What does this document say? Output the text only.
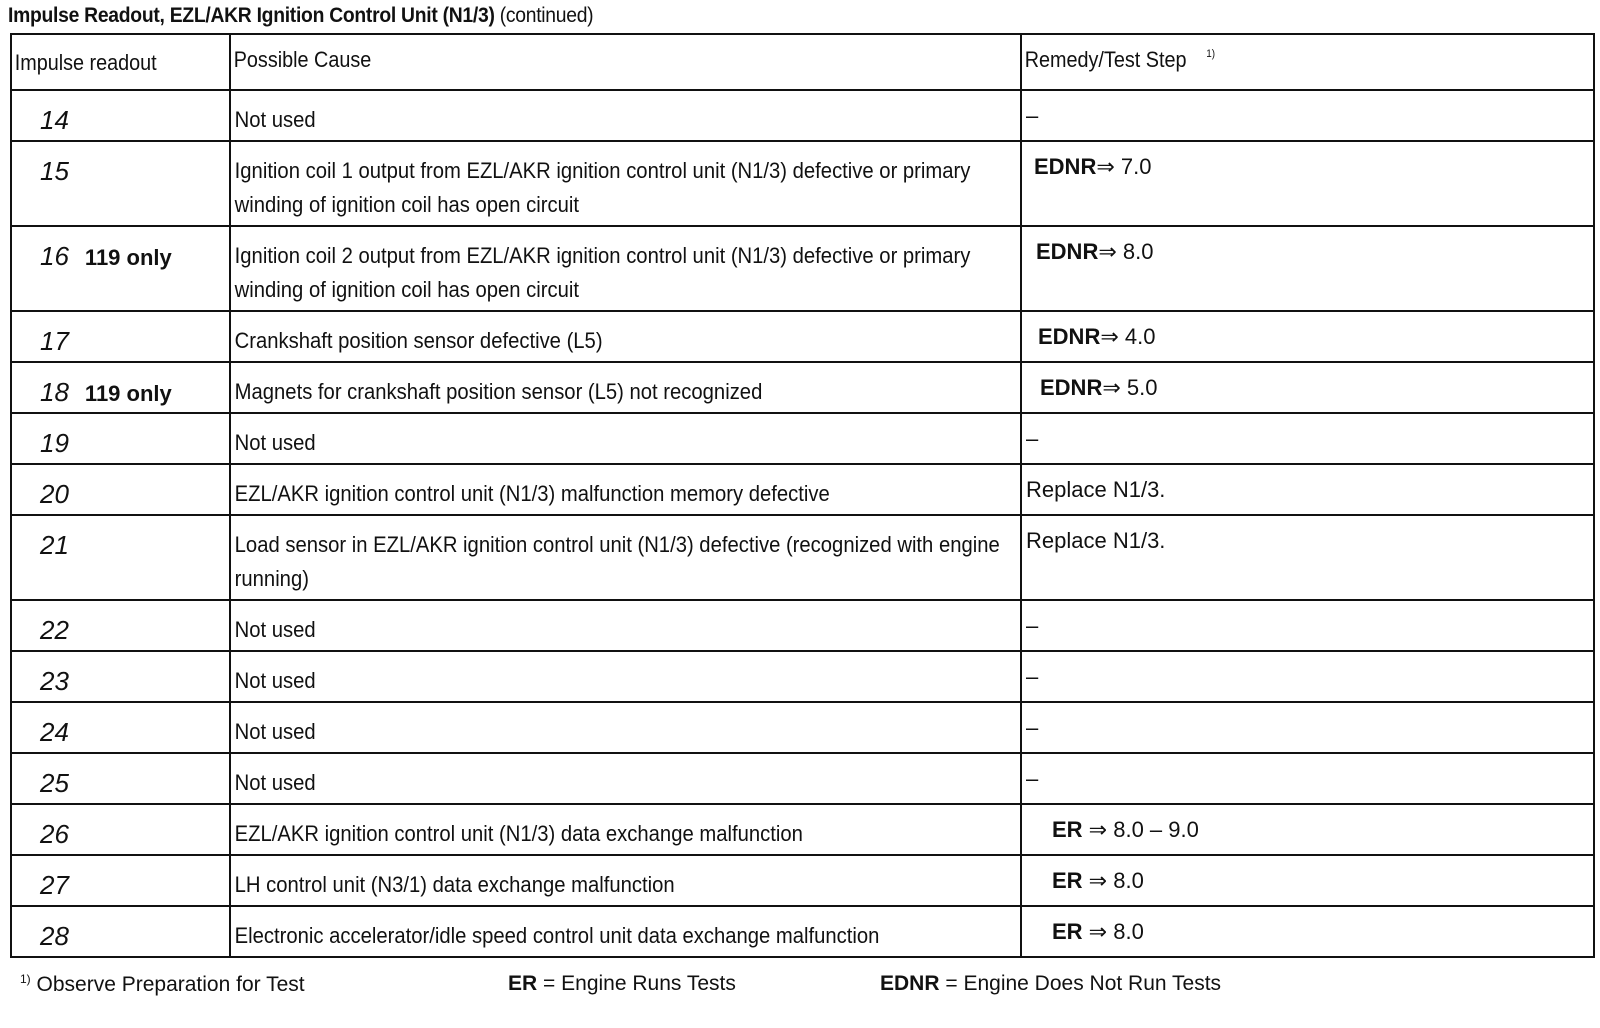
Impulse Readout, EZL/AKR Ignition Control Unit (N1/3) (continued)
Impulse readout	Possible Cause	Remedy/Test Step $^{1)}$

14	Not used	–

15	Ignition coil 1 output from EZL/AKR ignition control unit (N1/3) defective or primary winding of ignition coil has open circuit	EDNR⇒ 7.0

16 119 only	Ignition coil 2 output from EZL/AKR ignition control unit (N1/3) defective or primary winding of ignition coil has open circuit	EDNR⇒ 8.0

17	Crankshaft position sensor defective (L5)	EDNR⇒ 4.0

18 119 only	Magnets for crankshaft position sensor (L5) not recognized	EDNR⇒ 5.0

19	Not used	–

20	EZL/AKR ignition control unit (N1/3) malfunction memory defective	Replace N1/3.

21	Load sensor in EZL/AKR ignition control unit (N1/3) defective (recognized with engine running)	Replace N1/3.

22	Not used	–

23	Not used	–

24	Not used	–

25	Not used	–

26	EZL/AKR ignition control unit (N1/3) data exchange malfunction	ER ⇒ 8.0 – 9.0

27	LH control unit (N3/1) data exchange malfunction	ER ⇒ 8.0

28	Electronic accelerator/idle speed control unit data exchange malfunction	ER ⇒ 8.0
$^{1)}$ Observe Preparation for Test	ER = Engine Runs Tests	EDNR = Engine Does Not Run Tests
